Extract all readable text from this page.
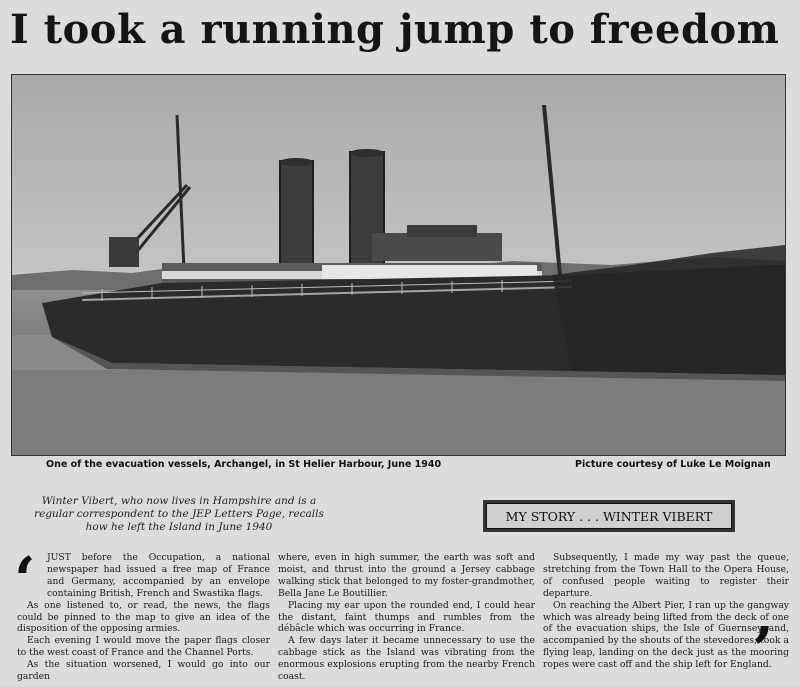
I took a running jump to freedom
One of the evacuation vessels, Archangel, in St Helier Harbour, June 1940	Picture courtesy of Luke Le Moignan
Winter Vibert, who now lives in Hampshire and is a regular correspondent to the JEP Letters Page, recalls how he left the Island in June 1940
MY STORY . . . WINTER VIBERT
‘	JUST before the Occupation, a national newspaper had issued a free map of France and Germany, accompanied by an envelope containing British, French and Swastika flags.

As one listened to, or read, the news, the flags could be pinned to the map to give an idea of the disposition of the opposing armies.

Each evening I would move the paper flags closer to the west coast of France and the Channel Ports.

As the situation worsened, I would go into our garden

where, even in high summer, the earth was soft and moist, and thrust into the ground a Jersey cabbage walking stick that belonged to my foster-grandmother, Bella Jane Le Boutillier.

Placing my ear upon the rounded end, I could hear the distant, faint thumps and rumbles from the débâcle which was occurring in France.

A few days later it became unnecessary to use the cabbage stick as the Island was vibrating from the enormous explosions erupting from the nearby French coast.

Subsequently, I made my way past the queue, stretching from the Town Hall to the Opera House, of confused people waiting to register their departure.

On reaching the Albert Pier, I ran up the gangway which was already being lifted from the deck of one of the evacuation ships, the Isle of Guernsey, and, accompanied by the shouts of the stevedores, took a flying leap, landing on the deck just as the mooring ropes were cast off and the ship left for England.

’
